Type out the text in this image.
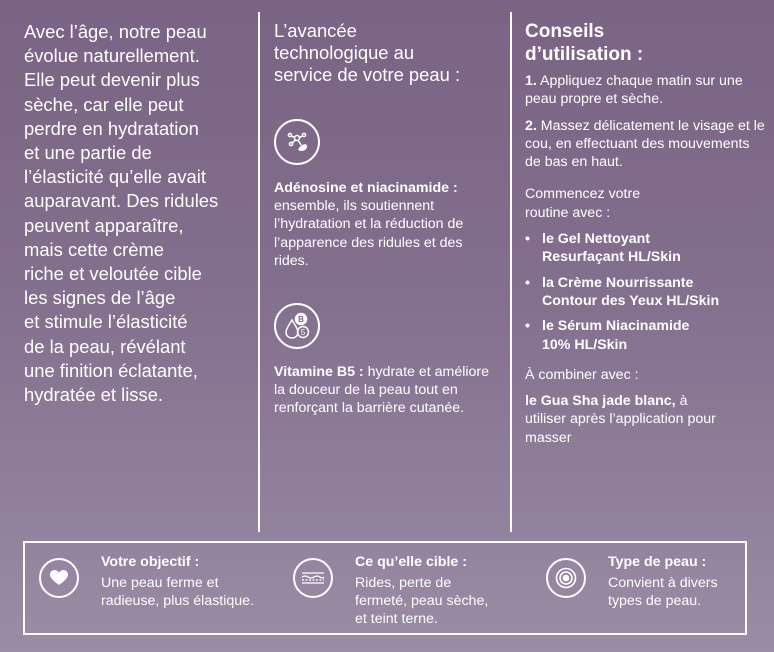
Avec l’âge, notre peau
évolue naturellement.
Elle peut devenir plus
sèche, car elle peut
perdre en hydratation
et une partie de
l’élasticité qu’elle avait
auparavant. Des ridules
peuvent apparaître,
mais cette crème
riche et veloutée cible
les signes de l’âge
et stimule l’élasticité
de la peau, révélant
une finition éclatante,
hydratée et lisse.

L’avancée
technologique au
service de votre peau :

Adénosine et niacinamide :
ensemble, ils soutiennent l’hydratation et la réduction de l’apparence des ridules et des rides.

B
5

Vitamine B5 : hydrate et améliore la douceur de la peau tout en renforçant la barrière cutanée.

Conseils
d’utilisation :

1. Appliquez chaque matin sur une peau propre et sèche.

2. Massez délicatement le visage et le cou, en effectuant des mouvements de bas en haut.

Commencez votre routine avec :

• le Gel Nettoyant
Resurfaçant HL/Skin
• la Crème Nourrissante
Contour des Yeux HL/Skin
• le Sérum Niacinamide
10% HL/Skin

À combiner avec :

le Gua Sha jade blanc, à utiliser après l’application pour masser

Votre objectif :

Une peau ferme et
radieuse, plus élastique.

Ce qu’elle cible :

Rides, perte de
fermeté, peau sèche,
et teint terne.

Type de peau :

Convient à divers
types de peau.
